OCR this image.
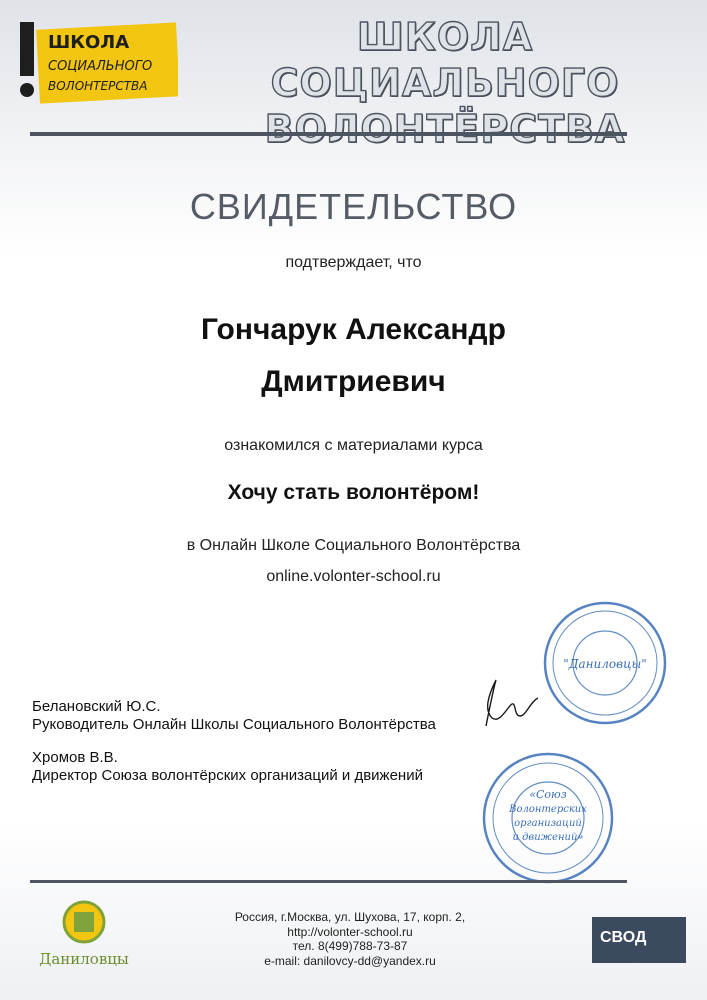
ШКОЛА
СОЦИАЛЬНОГО
ВОЛОНТЕРСТВА
ШКОЛА СОЦИАЛЬНОГО
ВОЛОНТЁРСТВА
СВИДЕТЕЛЬСТВО
подтверждает, что
Гончарук Александр
Дмитриевич
ознакомился с материалами курса
Хочу стать волонтёром!
в Онлайн Школе Социального Волонтёрства
online.volonter-school.ru
"Даниловцы"
Белановский Ю.С.
Руководитель Онлайн Школы Социального Волонтёрства
Хромов В.В.
Директор Союза волонтёрских организаций и движений
«Союз
Волонтерских
организаций
и движений»
Даниловцы
Россия, г.Москва, ул. Шухова, 17, корп. 2,
http://volonter-school.ru
тел. 8(499)788-73-87
e-mail: danilovcy-dd@yandex.ru
СВОД
